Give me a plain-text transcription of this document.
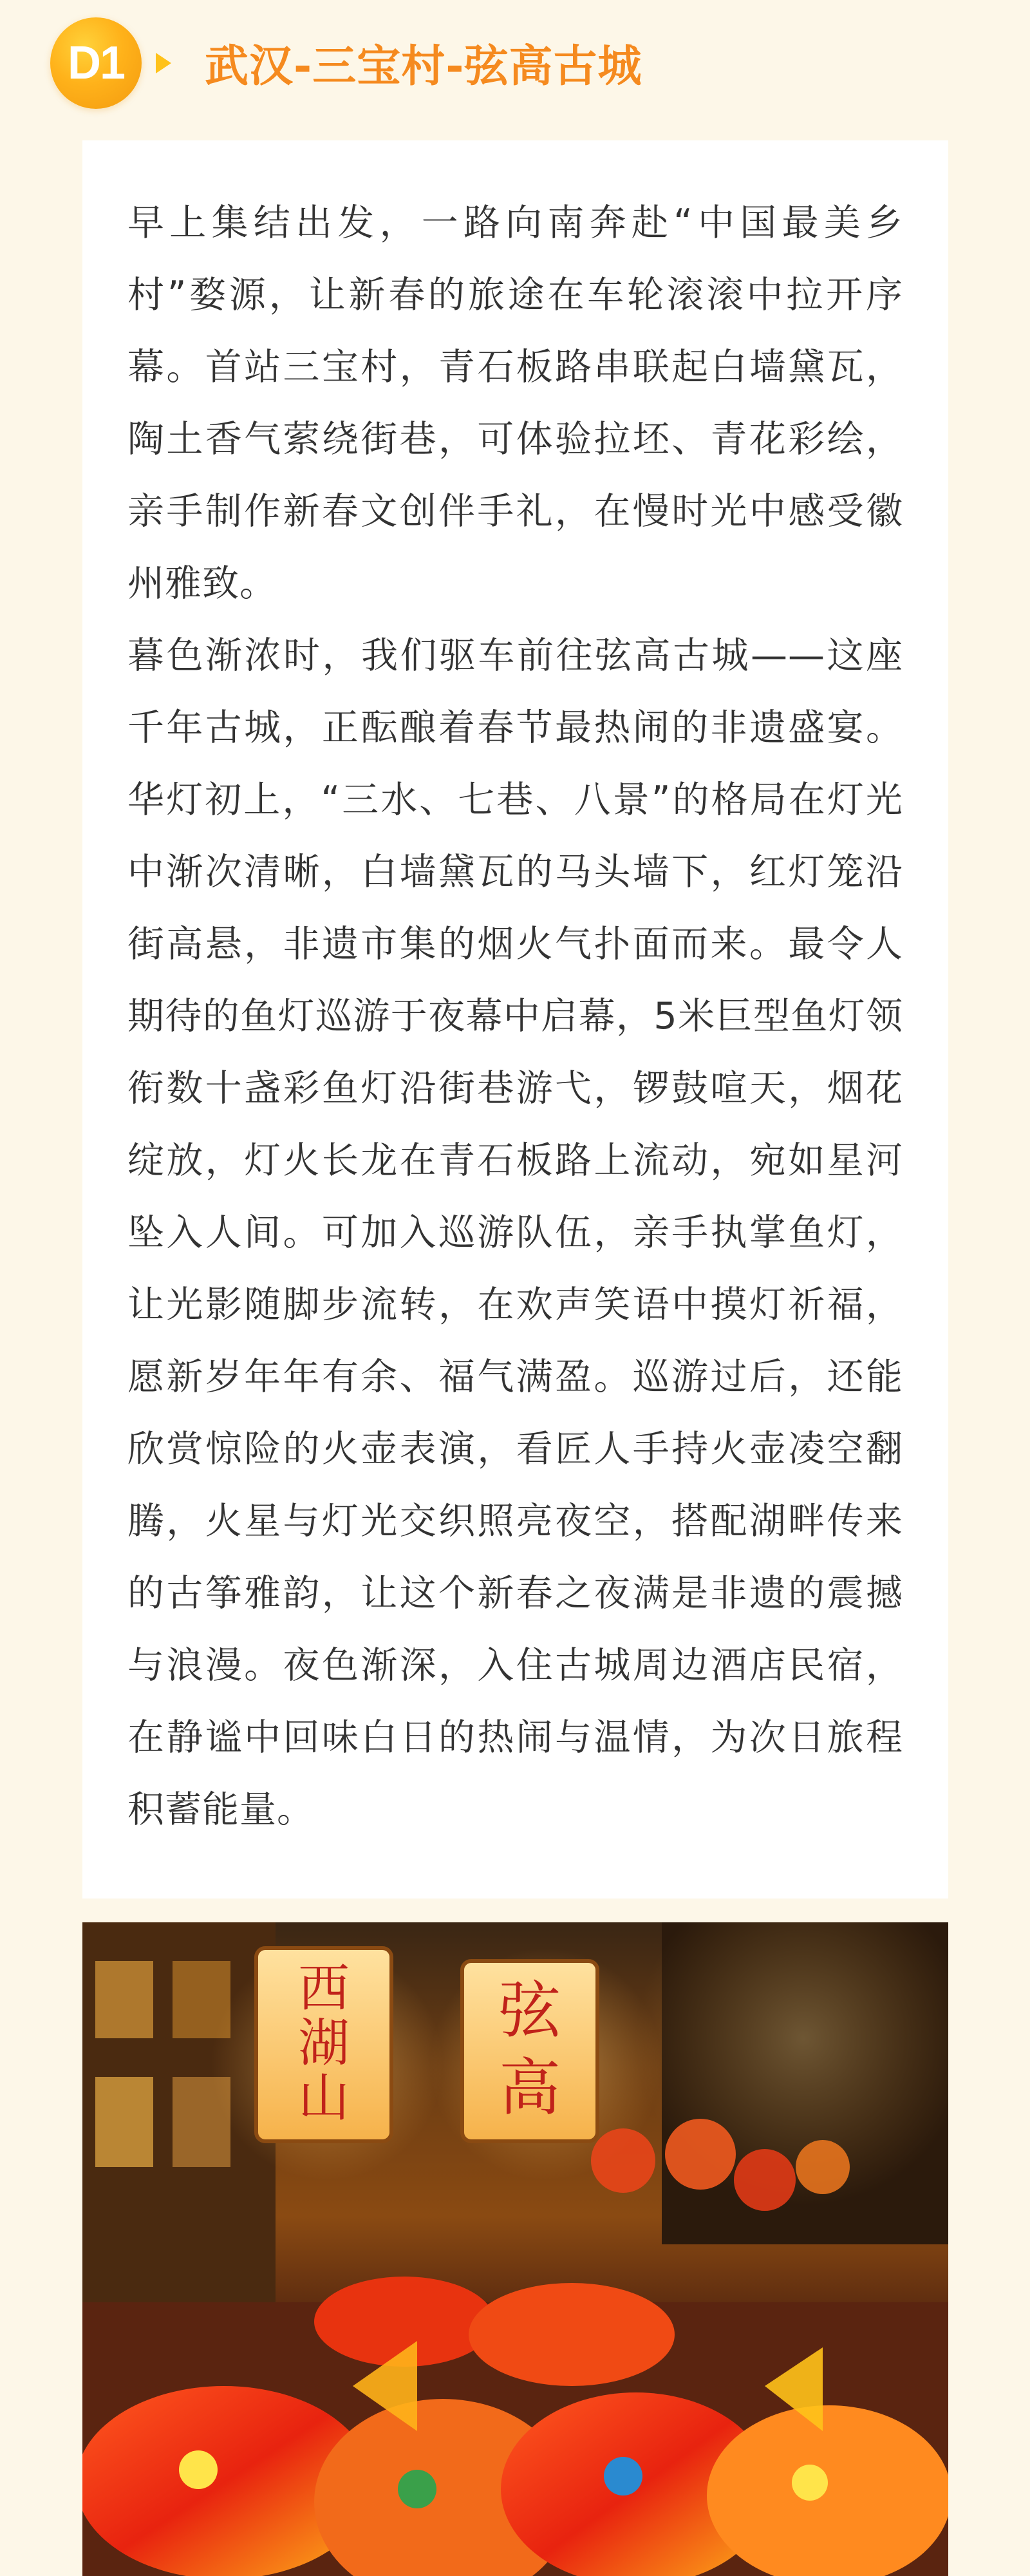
D1	武汉-三宝村-弦高古城

早上集结出发，一路向南奔赴“中国最美乡村”婺源，让新春的旅途在车轮滚滚中拉开序幕。首站三宝村，青石板路串联起白墙黛瓦，陶土香气萦绕街巷，可体验拉坯、青花彩绘，亲手制作新春文创伴手礼，在慢时光中感受徽州雅致。

暮色渐浓时，我们驱车前往弦高古城——这座千年古城，正酝酿着春节最热闹的非遗盛宴。华灯初上，“三水、七巷、八景”的格局在灯光中渐次清晰，白墙黛瓦的马头墙下，红灯笼沿街高悬，非遗市集的烟火气扑面而来。最令人期待的鱼灯巡游于夜幕中启幕，5米巨型鱼灯领衔数十盏彩鱼灯沿街巷游弋，锣鼓喧天，烟花绽放，灯火长龙在青石板路上流动，宛如星河坠入人间。可加入巡游队伍，亲手执掌鱼灯，让光影随脚步流转，在欢声笑语中摸灯祈福，愿新岁年年有余、福气满盈。巡游过后，还能欣赏惊险的火壶表演，看匠人手持火壶凌空翻腾，火星与灯光交织照亮夜空，搭配湖畔传来的古筝雅韵，让这个新春之夜满是非遗的震撼与浪漫。夜色渐深，入住古城周边酒店民宿，在静谧中回味白日的热闹与温情，为次日旅程积蓄能量。

西
湖
山
弦
高
